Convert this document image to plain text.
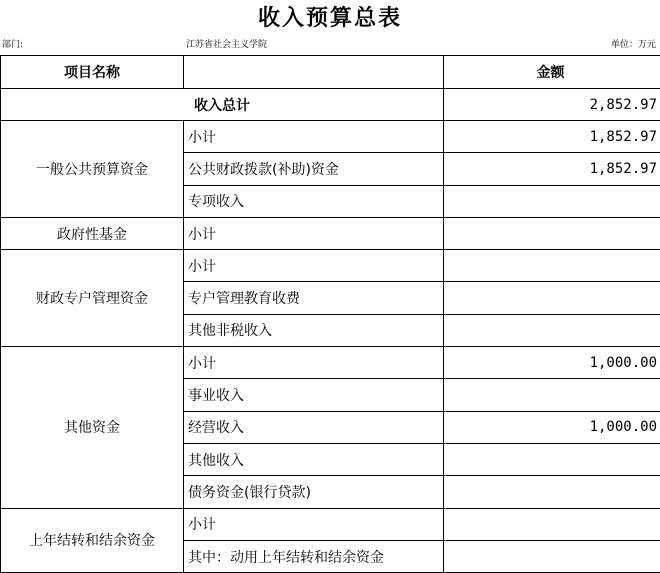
收入预算总表
部门:	江苏省社会主义学院	单位：万元
项目名称		金额
收入总计		2,852.97
一般公共预算资金	小计	1,852.97
	公共财政拨款(补助)资金	1,852.97
	专项收入	
政府性基金	小计	
财政专户管理资金	小计	
	专户管理教育收费	
	其他非税收入	
其他资金	小计	1,000.00
	事业收入	
	经营收入	1,000.00
	其他收入	
	债务资金(银行贷款)	
上年结转和结余资金	小计	
	其中：动用上年结转和结余资金	
